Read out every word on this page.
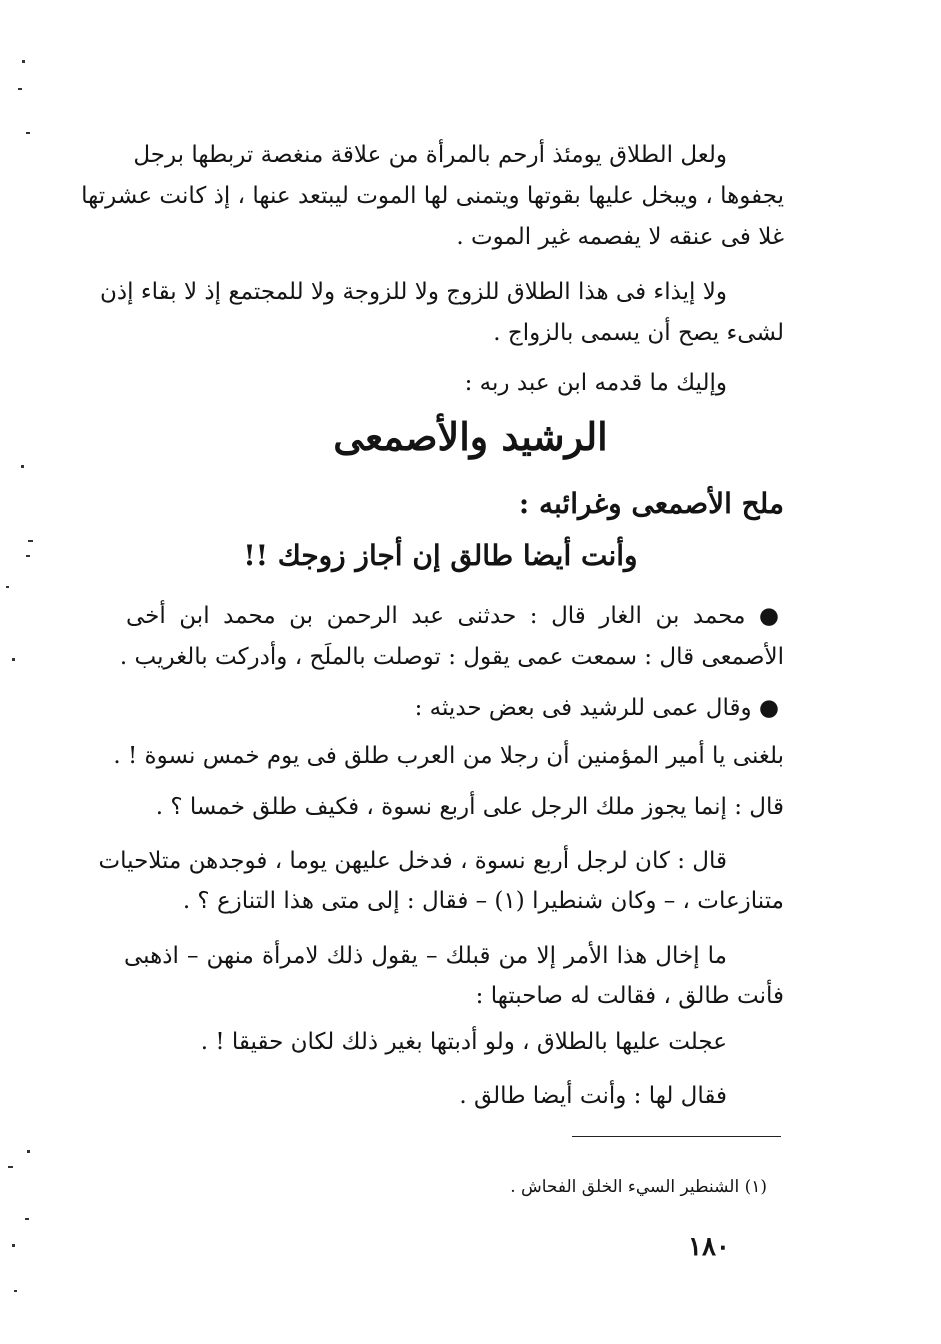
ولعل الطلاق يومئذ أرحم بالمرأة من علاقة منغصة تربطها برجل
يجفوها ، ويبخل عليها بقوتها ويتمنى لها الموت ليبتعد عنها ، إذ كانت عشرتها
غلا فى عنقه لا يفصمه غير الموت .
ولا إيذاء فى هذا الطلاق للزوج ولا للزوجة ولا للمجتمع إذ لا بقاء إذن
لشىء يصح أن يسمى بالزواج .
وإليك ما قدمه ابن عبد ربه :
الرشيد والأصمعى
ملح الأصمعى وغرائبه :
وأنت أيضا طالق إن أجاز زوجك !!
● محمد بن الغار قال : حدثنى عبد الرحمن بن محمد ابن أخى
الأصمعى قال : سمعت عمى يقول : توصلت بالملَح ، وأدركت بالغريب .
● وقال عمى للرشيد فى بعض حديثه :
بلغنى يا أمير المؤمنين أن رجلا من العرب طلق فى يوم خمس نسوة ! .
قال : إنما يجوز ملك الرجل على أربع نسوة ، فكيف طلق خمسا ؟ .
قال : كان لرجل أربع نسوة ، فدخل عليهن يوما ، فوجدهن متلاحيات
متنازعات ، – وكان شنطيرا (١) – فقال : إلى متى هذا التنازع ؟ .
ما إخال هذا الأمر إلا من قبلك – يقول ذلك لامرأة منهن – اذهبى
فأنت طالق ، فقالت له صاحبتها :
عجلت عليها بالطلاق ، ولو أدبتها بغير ذلك لكان حقيقا ! .
فقال لها : وأنت أيضا طالق .
(١) الشنطير السيء الخلق الفحاش .
١٨٠
